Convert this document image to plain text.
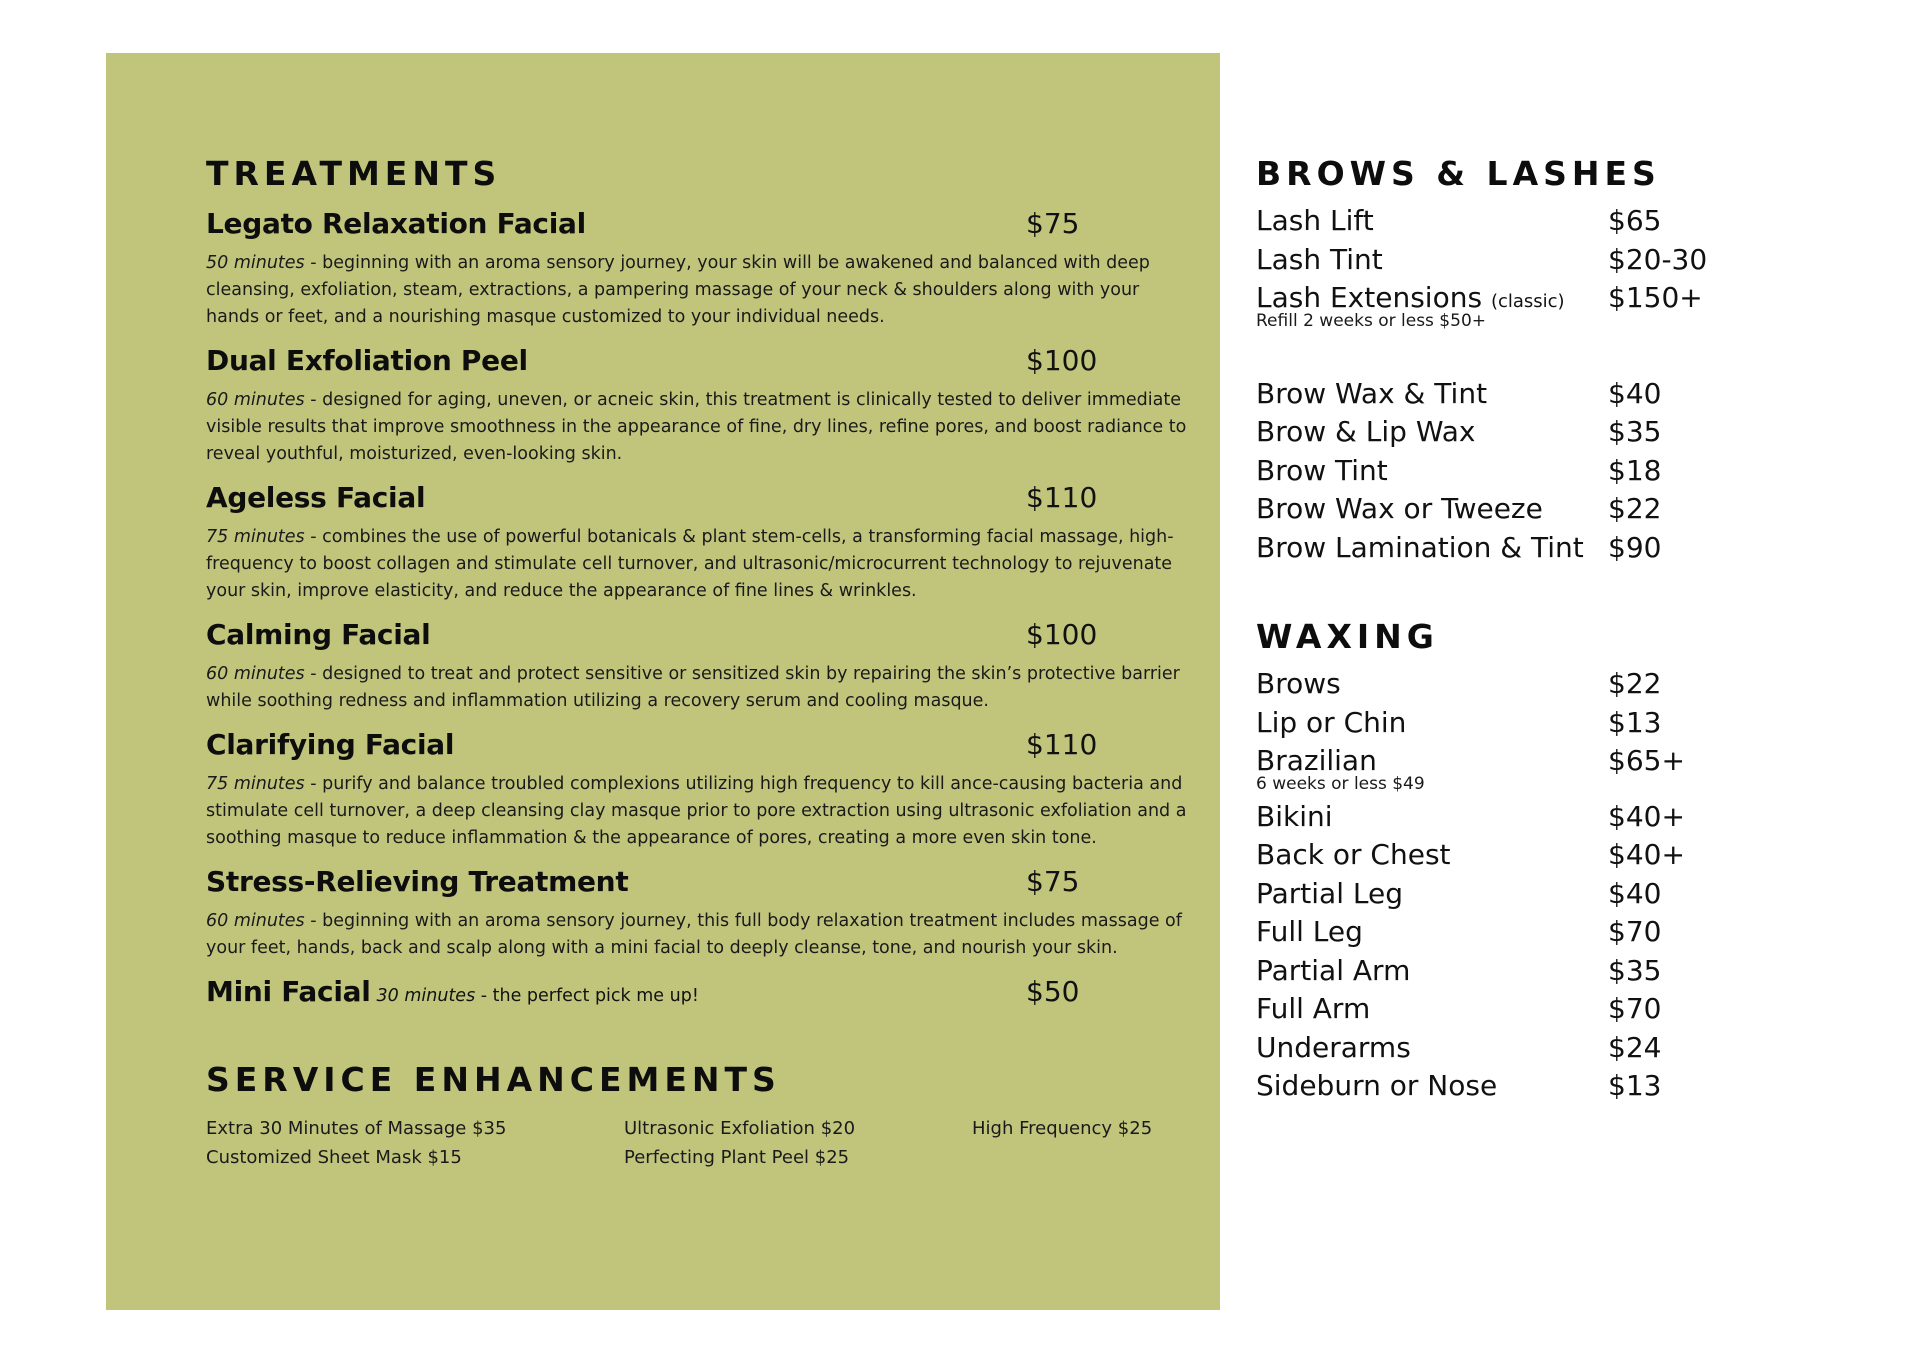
TREATMENTS
Legato Relaxation Facial	$75
50 minutes - beginning with an aroma sensory journey, your skin will be awakened and balanced with deep cleansing, exfoliation, steam, extractions, a pampering massage of your neck & shoulders along with your hands or feet, and a nourishing masque customized to your individual needs.
Dual Exfoliation Peel	$100
60 minutes - designed for aging, uneven, or acneic skin, this treatment is clinically tested to deliver immediate visible results that improve smoothness in the appearance of fine, dry lines, refine pores, and boost radiance to reveal youthful, moisturized, even-looking skin.
Ageless Facial	$110
75 minutes - combines the use of powerful botanicals & plant stem-cells, a transforming facial massage, high-frequency to boost collagen and stimulate cell turnover, and ultrasonic/microcurrent technology to rejuvenate your skin, improve elasticity, and reduce the appearance of fine lines & wrinkles.
Calming Facial	$100
60 minutes - designed to treat and protect sensitive or sensitized skin by repairing the skin’s protective barrier while soothing redness and inflammation utilizing a recovery serum and cooling masque.
Clarifying Facial	$110
75 minutes - purify and balance troubled complexions utilizing high frequency to kill ance-causing bacteria and stimulate cell turnover, a deep cleansing clay masque prior to pore extraction using ultrasonic exfoliation and a soothing masque to reduce inflammation & the appearance of pores, creating a more even skin tone.
Stress-Relieving Treatment	$75
60 minutes - beginning with an aroma sensory journey, this full body relaxation treatment includes massage of your feet, hands, back and scalp along with a mini facial to deeply cleanse, tone, and nourish your skin.
Mini Facial 30 minutes - the perfect pick me up!	$50
SERVICE ENHANCEMENTS
Extra 30 Minutes of Massage $35	Ultrasonic Exfoliation $20	High Frequency $25
Customized Sheet Mask $15	Perfecting Plant Peel $25
BROWS & LASHES
Lash Lift	$65
Lash Tint	$20-30
Lash Extensions (classic) $150+
Refill 2 weeks or less $50+
Brow Wax & Tint	$40
Brow & Lip Wax	$35
Brow Tint	$18
Brow Wax or Tweeze $22
Brow Lamination & Tint $90
WAXING
Brows	$22
Lip or Chin	$13
Brazilian	$65+
6 weeks or less $49
Bikini	$40+
Back or Chest	$40+
Partial Leg	$40
Full Leg	$70
Partial Arm	$35
Full Arm	$70
Underarms	$24
Sideburn or Nose	$13
